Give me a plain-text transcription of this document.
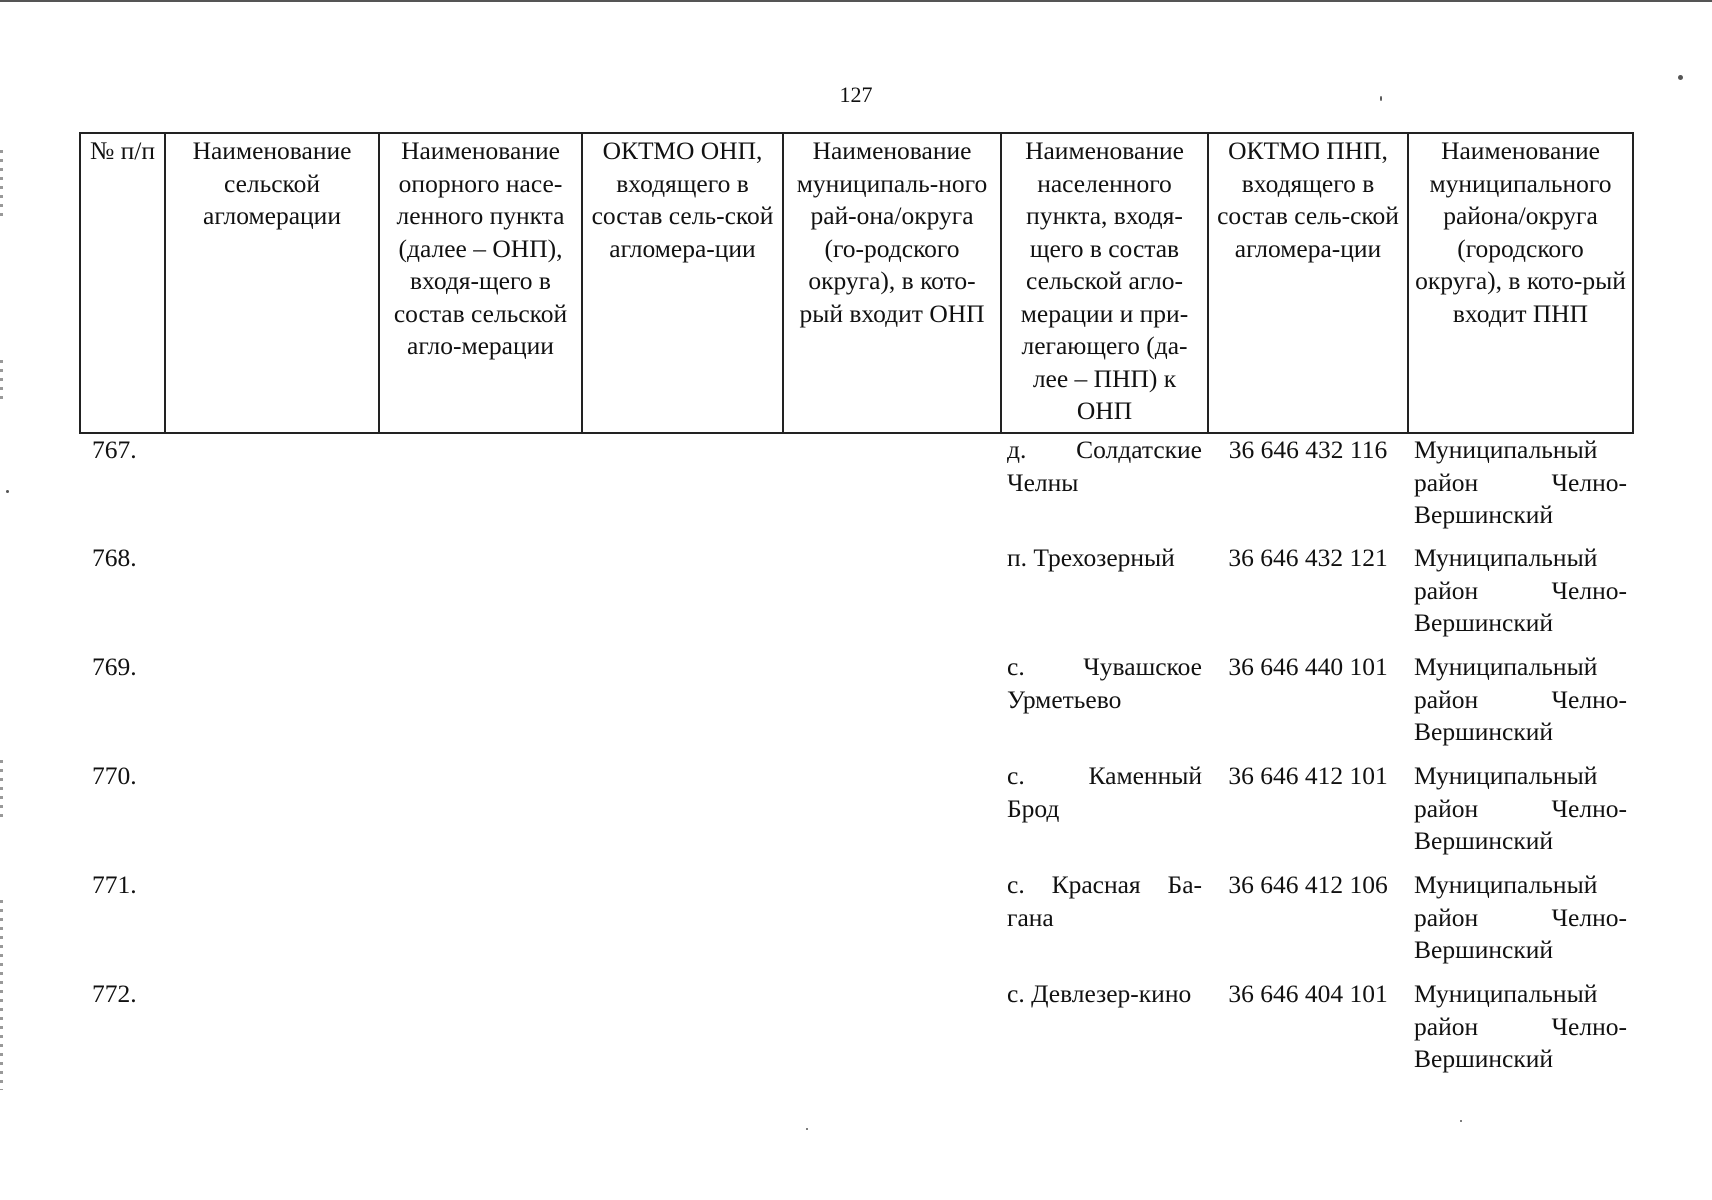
127
№ п/п	Наименование сельской агломерации	Наименование опорного насе-ленного пункта (далее – ОНП), входя-щего в состав сельской агло-мерации	ОКТМО ОНП, входящего в состав сель-ской агломера-ции	Наименование муниципаль-ного рай-она/округа (го-родского округа), в кото-рый входит ОНП	Наименование населенного пункта, входя-щего в состав сельской агло-мерации и при-легающего (да-лее – ПНП) к ОНП	ОКТМО ПНП, входящего в состав сель-ской агломера-ции	Наименование муниципального района/округа (городского округа), в кото-рый входит ПНП
767.					д. Солдатские Челны	36 646 432 116	Муниципальный район Челно-Вершинский
768.					п. Трехозерный	36 646 432 121	Муниципальный район Челно-Вершинский
769.					с. Чувашское Урметьево	36 646 440 101	Муниципальный район Челно-Вершинский
770.					с. Каменный Брод	36 646 412 101	Муниципальный район Челно-Вершинский
771.					с. Красная Ба-гана	36 646 412 106	Муниципальный район Челно-Вершинский
772.					с. Девлезер-кино	36 646 404 101	Муниципальный район Челно-Вершинский
